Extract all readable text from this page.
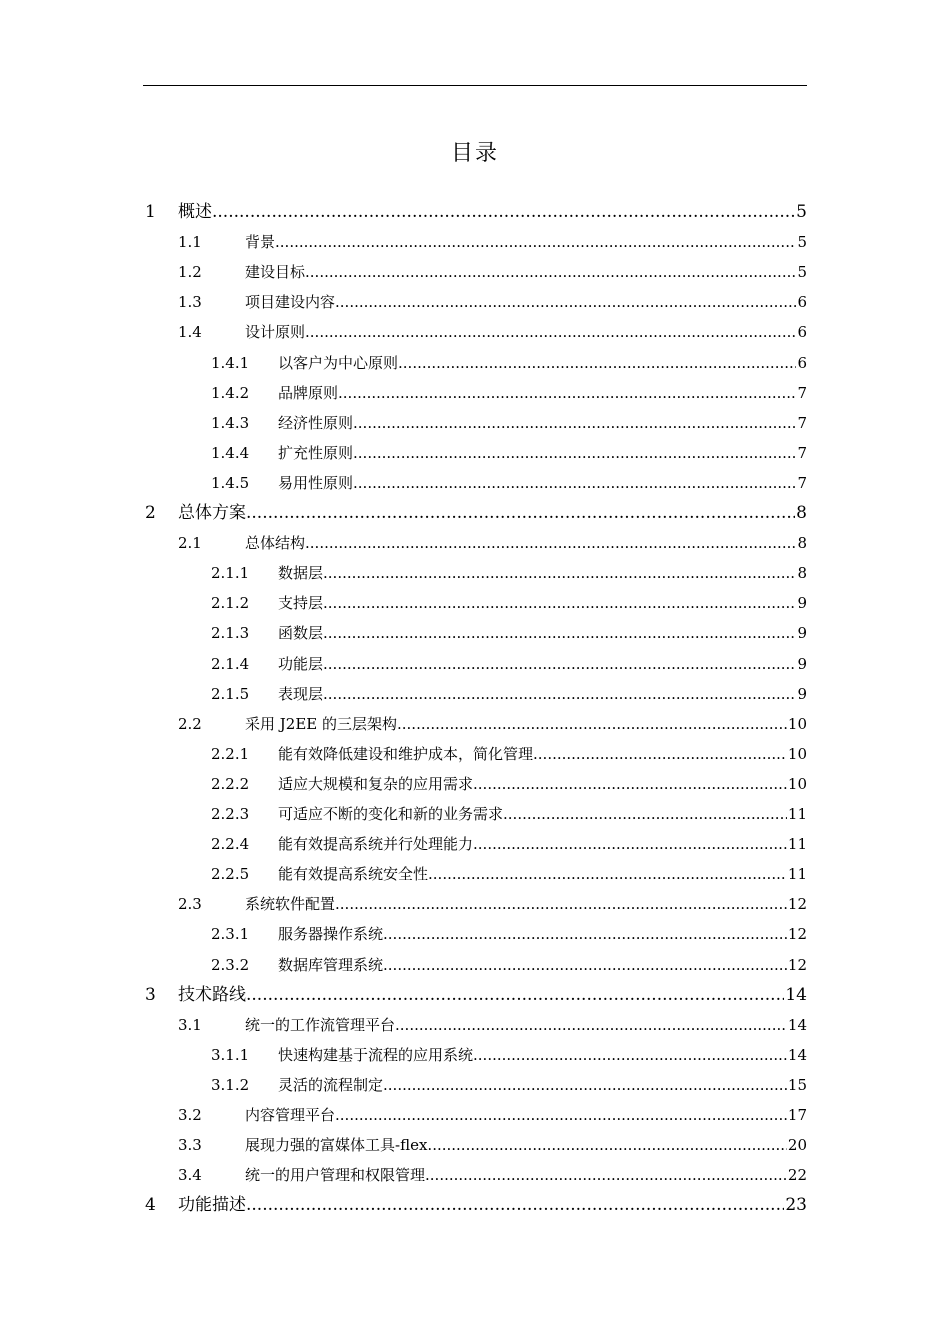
目录
1 概述 .....	5
1.1	背景 .....	5
1.2	建设目标 .....	5
1.3	项目建设内容 .....	6
1.4	设计原则 .....	6
1.4.1 以客户为中心原则 .....	6
1.4.2 品牌原则 .....	7
1.4.3 经济性原则 .....	7
1.4.4 扩充性原则 .....	7
1.4.5 易用性原则 .....	7
2 总体方案 .....	8
2.1	总体结构 .....	8
2.1.1 数据层 .....	8
2.1.2 支持层 .....	9
2.1.3 函数层 .....	9
2.1.4 功能层 .....	9
2.1.5 表现层 .....	9
2.2	采用 J2EE 的三层架构 .....	10
2.2.1 能有效降低建设和维护成本，简化管理 .....	10
2.2.2 适应大规模和复杂的应用需求 .....	10
2.2.3 可适应不断的变化和新的业务需求 .....	11
2.2.4 能有效提高系统并行处理能力 .....	11
2.2.5 能有效提高系统安全性 .....	11
2.3	系统软件配置 .....	12
2.3.1 服务器操作系统 .....	12
2.3.2 数据库管理系统 .....	12
3 技术路线 .....	14
3.1	统一的工作流管理平台 .....	14
3.1.1 快速构建基于流程的应用系统 .....	14
3.1.2 灵活的流程制定 .....	15
3.2	内容管理平台 .....	17
3.3	展现力强的富媒体工具-flex .....	20
3.4	统一的用户管理和权限管理 .....	22
4 功能描述 .....	23
